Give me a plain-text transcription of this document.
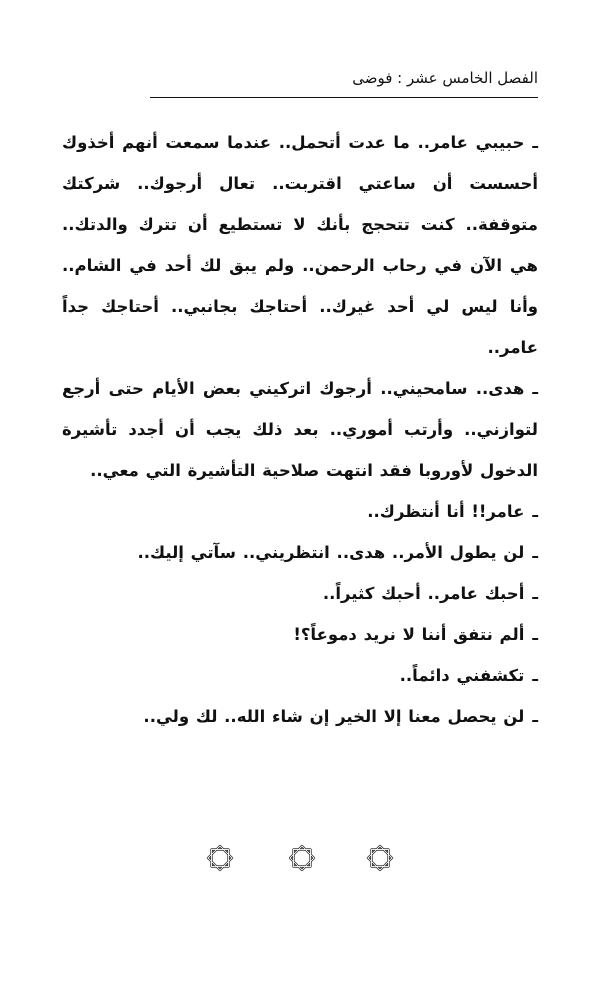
الفصل الخامس عشر : فوضى

ـحبيبي عامر.. ما عدت أتحمل.. عندما سمعت أنهم أخذوك أحسست أن ساعتي اقتربت.. تعال أرجوك.. شركتك متوقفة.. كنت تتحجج بأنك لا تستطيع أن تترك والدتك.. هي الآن في رحاب الرحمن.. ولم يبق لك أحد في الشام.. وأنا ليس لي أحد غيرك.. أحتاجك بجانبي.. أحتاجك جداً عامر..

ـهدى.. سامحيني.. أرجوك اتركيني بعض الأيام حتى أرجع لتوازني.. وأرتب أموري.. بعد ذلك يجب أن أجدد تأشيرة الدخول لأوروبا فقد انتهت صلاحية التأشيرة التي معي..

ـعامر!! أنا أنتظرك..

ـلن يطول الأمر.. هدى.. انتظريني.. سآتي إليك..

ـأحبك عامر.. أحبك كثيراً..

ـألم نتفق أننا لا نريد دموعاً؟!

ـتكشفني دائماً..

ـلن يحصل معنا إلا الخير إن شاء الله.. لك ولي..
